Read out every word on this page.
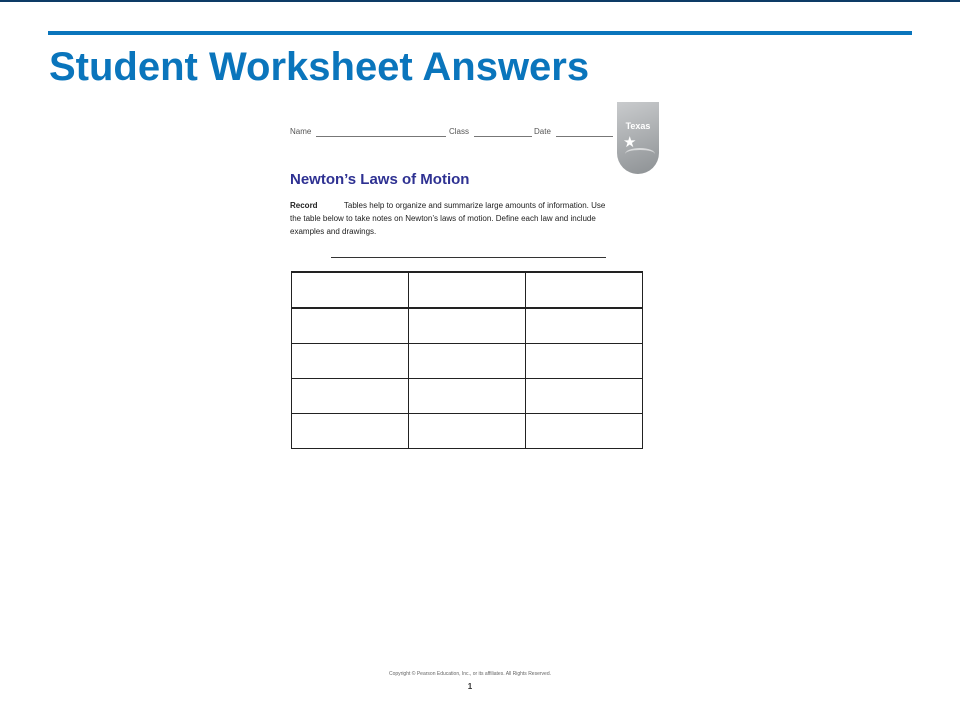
Student Worksheet Answers
Name	Class	Date
Texas
★
Newton’s Laws of Motion
Record	Tables help to organize and summarize large amounts of information. Use
the table below to take notes on Newton’s laws of motion. Define each law and include
examples and drawings.

Copyright © Pearson Education, Inc., or its affiliates. All Rights Reserved.
1
